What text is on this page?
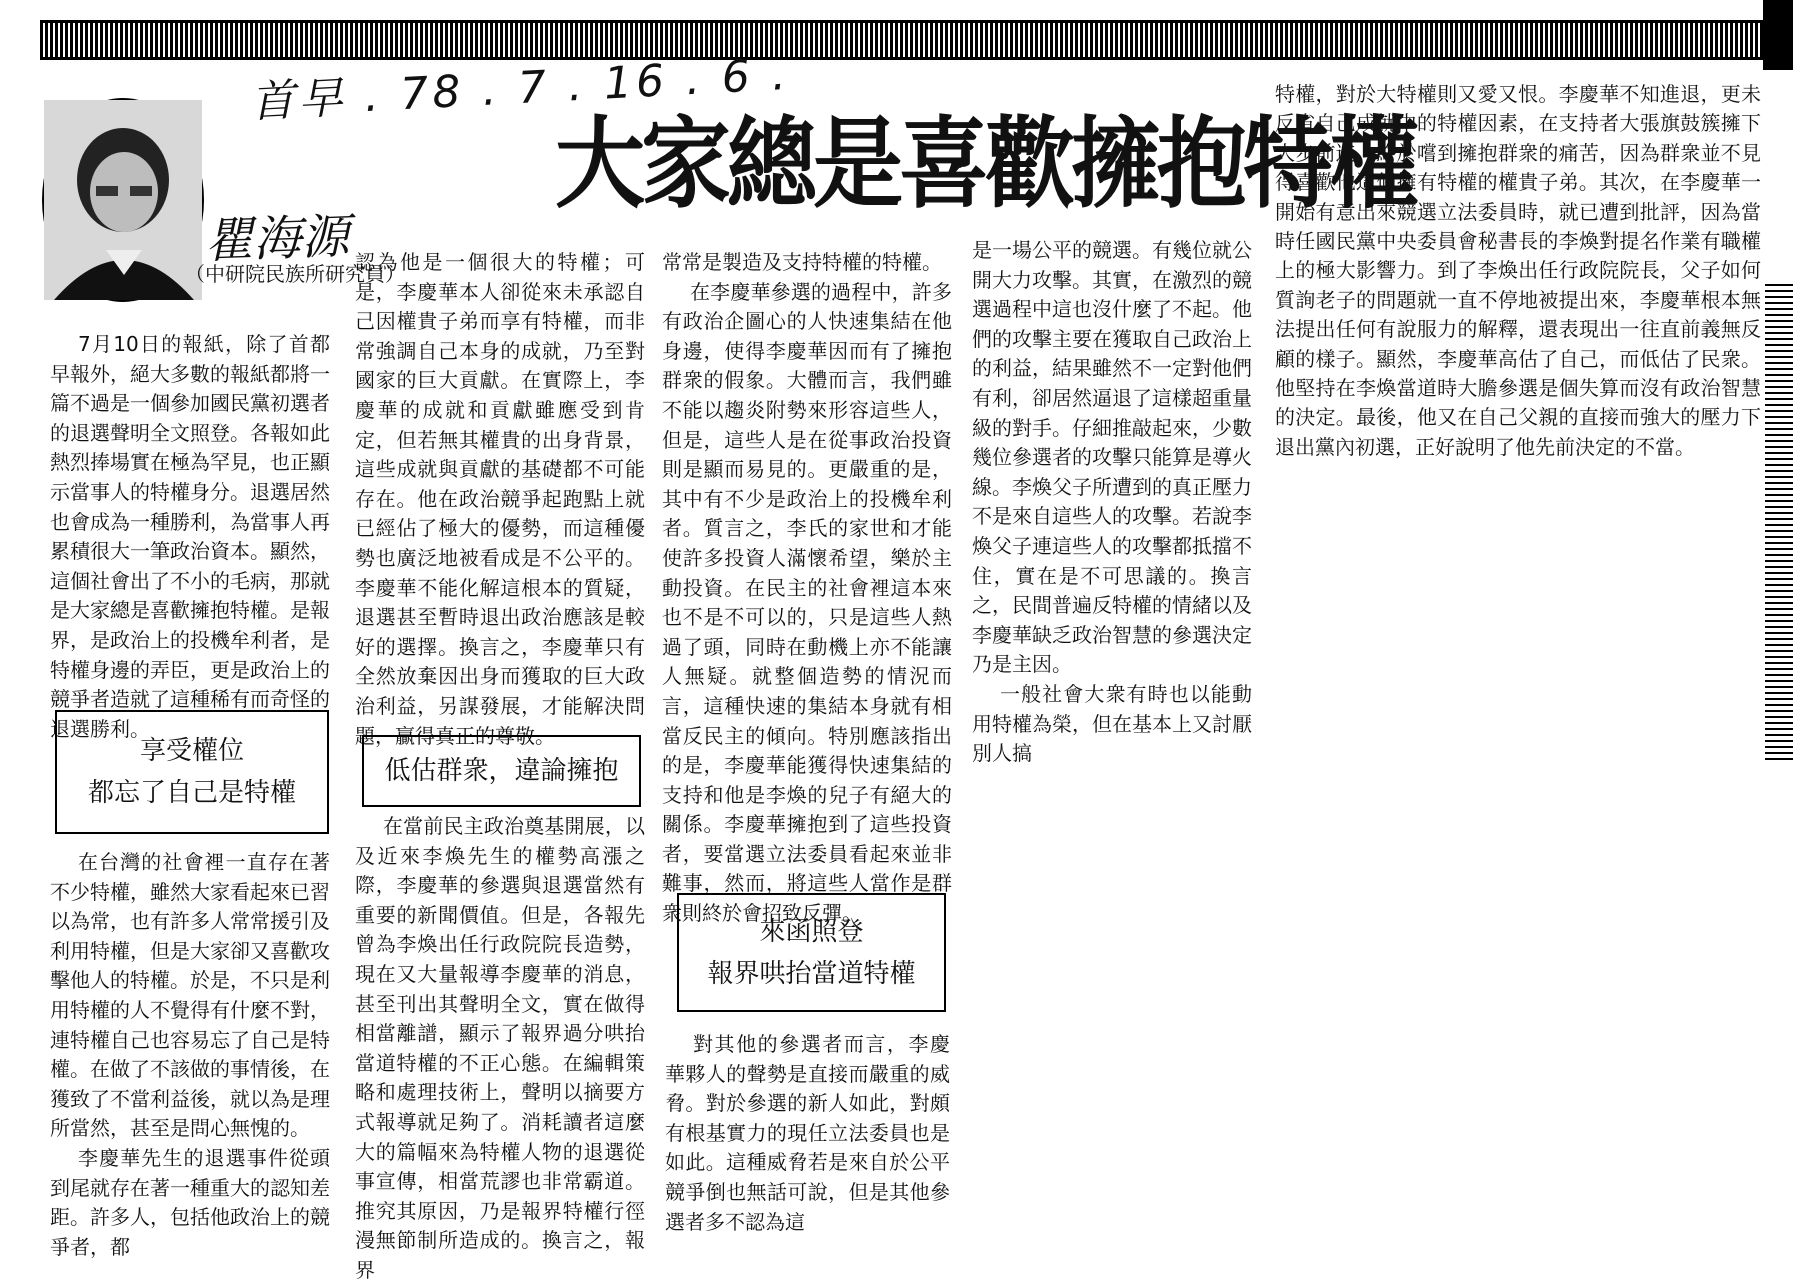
首早 . 78 . 7 . 16 . 6 .
大家總是喜歡擁抱特權
瞿海源
（中研院民族所研究員）

7月10日的報紙，除了首都早報外，絕大多數的報紙都將一篇不過是一個參加國民黨初選者的退選聲明全文照登。各報如此熱烈捧場實在極為罕見，也正顯示當事人的特權身分。退選居然也會成為一種勝利，為當事人再累積很大一筆政治資本。顯然，這個社會出了不小的毛病，那就是大家總是喜歡擁抱特權。是報界，是政治上的投機牟利者，是特權身邊的弄臣，更是政治上的競爭者造就了這種稀有而奇怪的退選勝利。

享受權位
都忘了自己是特權

在台灣的社會裡一直存在著不少特權，雖然大家看起來已習以為常，也有許多人常常援引及利用特權，但是大家卻又喜歡攻擊他人的特權。於是，不只是利用特權的人不覺得有什麼不對，連特權自己也容易忘了自己是特權。在做了不該做的事情後，在獲致了不當利益後，就以為是理所當然，甚至是問心無愧的。

李慶華先生的退選事件從頭到尾就存在著一種重大的認知差距。許多人，包括他政治上的競爭者，都

認為他是一個很大的特權；可是，李慶華本人卻從來未承認自己因權貴子弟而享有特權，而非常強調自己本身的成就，乃至對國家的巨大貢獻。在實際上，李慶華的成就和貢獻雖應受到肯定，但若無其權貴的出身背景，這些成就與貢獻的基礎都不可能存在。他在政治競爭起跑點上就已經佔了極大的優勢，而這種優勢也廣泛地被看成是不公平的。李慶華不能化解這根本的質疑，退選甚至暫時退出政治應該是較好的選擇。換言之，李慶華只有全然放棄因出身而獲取的巨大政治利益，另謀發展，才能解決問題，贏得真正的尊敬。

低估群衆，違論擁抱

在當前民主政治奠基開展，以及近來李煥先生的權勢高漲之際，李慶華的參選與退選當然有重要的新聞價值。但是，各報先曾為李煥出任行政院院長造勢，現在又大量報導李慶華的消息，甚至刊出其聲明全文，實在做得相當離譜，顯示了報界過分哄抬當道特權的不正心態。在編輯策略和處理技術上，聲明以摘要方式報導就足夠了。消耗讀者這麼大的篇幅來為特權人物的退選從事宣傳，相當荒謬也非常霸道。推究其原因，乃是報界特權行徑漫無節制所造成的。換言之，報界

常常是製造及支持特權的特權。

在李慶華參選的過程中，許多有政治企圖心的人快速集結在他身邊，使得李慶華因而有了擁抱群衆的假象。大體而言，我們雖不能以趨炎附勢來形容這些人，但是，這些人是在從事政治投資則是顯而易見的。更嚴重的是，其中有不少是政治上的投機牟利者。質言之，李氏的家世和才能使許多投資人滿懷希望，樂於主動投資。在民主的社會裡這本來也不是不可以的，只是這些人熱過了頭，同時在動機上亦不能讓人無疑。就整個造勢的情況而言，這種快速的集結本身就有相當反民主的傾向。特別應該指出的是，李慶華能獲得快速集結的支持和他是李煥的兒子有絕大的關係。李慶華擁抱到了這些投資者，要當選立法委員看起來並非難事，然而，將這些人當作是群衆則終於會招致反彈。

來函照登
報界哄抬當道特權

對其他的參選者而言，李慶華夥人的聲勢是直接而嚴重的威脅。對於參選的新人如此，對頗有根基實力的現任立法委員也是如此。這種威脅若是來自於公平競爭倒也無話可說，但是其他參選者多不認為這

是一場公平的競選。有幾位就公開大力攻擊。其實，在激烈的競選過程中這也沒什麼了不起。他們的攻擊主要在獲取自己政治上的利益，結果雖然不一定對他們有利，卻居然逼退了這樣超重量級的對手。仔細推敲起來，少數幾位參選者的攻擊只能算是導火線。李煥父子所遭到的真正壓力不是來自這些人的攻擊。若說李煥父子連這些人的攻擊都抵擋不住，實在是不可思議的。換言之，民間普遍反特權的情緒以及李慶華缺乏政治智慧的參選決定乃是主因。

一般社會大衆有時也以能動用特權為榮，但在基本上又討厭別人搞

特權，對於大特權則又愛又恨。李慶華不知進退，更未反省自己成就中的特權因素，在支持者大張旗鼓簇擁下大步前進，終於嚐到擁抱群衆的痛苦，因為群衆並不見得喜歡他這個擁有特權的權貴子弟。其次，在李慶華一開始有意出來競選立法委員時，就已遭到批評，因為當時任國民黨中央委員會秘書長的李煥對提名作業有職權上的極大影響力。到了李煥出任行政院院長，父子如何質詢老子的問題就一直不停地被提出來，李慶華根本無法提出任何有說服力的解釋，還表現出一往直前義無反顧的樣子。顯然，李慶華高估了自己，而低估了民衆。他堅持在李煥當道時大膽參選是個失算而沒有政治智慧的決定。最後，他又在自己父親的直接而強大的壓力下退出黨內初選，正好說明了他先前決定的不當。
